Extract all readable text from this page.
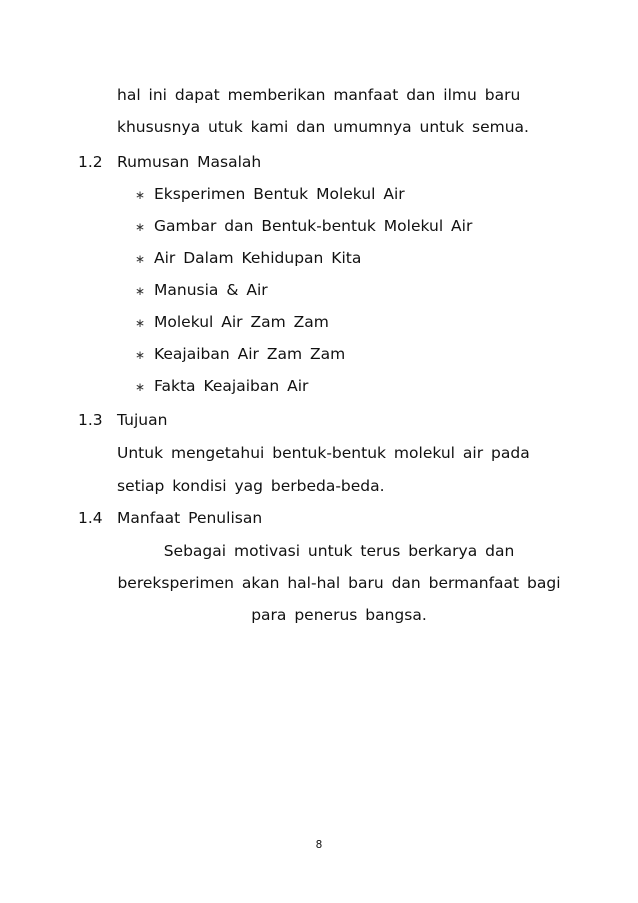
hal ini dapat memberikan manfaat dan ilmu baru
khususnya utuk kami dan umumnya untuk semua.
1.2 Rumusan Masalah
∗ Eksperimen Bentuk Molekul Air
∗ Gambar dan Bentuk-bentuk Molekul Air
∗ Air Dalam Kehidupan Kita
∗ Manusia & Air
∗ Molekul Air Zam Zam
∗ Keajaiban Air Zam Zam
∗ Fakta Keajaiban Air
1.3 Tujuan
Untuk mengetahui bentuk-bentuk molekul air pada
setiap kondisi yag berbeda-beda.
1.4 Manfaat Penulisan
Sebagai motivasi untuk terus berkarya dan
bereksperimen akan hal-hal baru dan bermanfaat bagi
para penerus bangsa.
8
